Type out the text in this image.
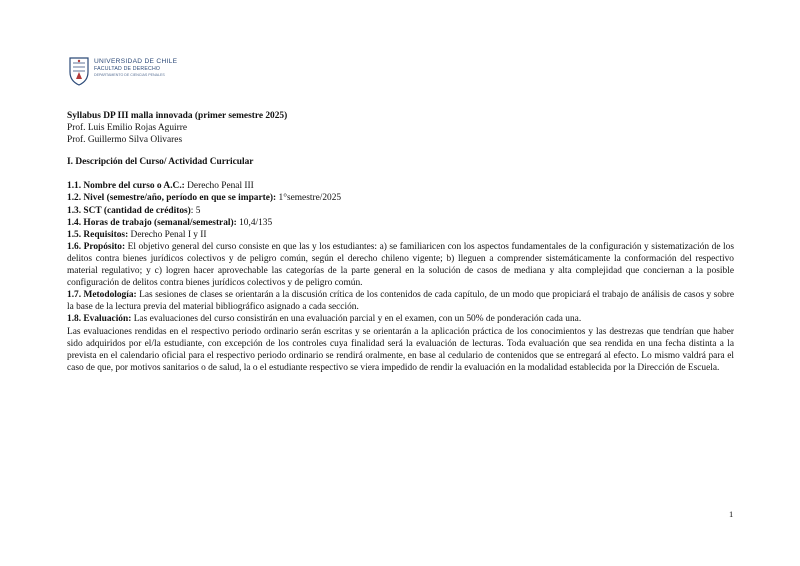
UNIVERSIDAD DE CHILE
FACULTAD DE DERECHO
DEPARTAMENTO DE CIENCIAS PENALES

Syllabus DP III malla innovada (primer semestre 2025)

Prof. Luis Emilio Rojas Aguirre

Prof. Guillermo Silva Olivares

I. Descripción del Curso/ Actividad Curricular

1.1. Nombre del curso o A.C.: Derecho Penal III

1.2. Nivel (semestre/año, período en que se imparte): 1°semestre/2025

1.3. SCT (cantidad de créditos): 5

1.4. Horas de trabajo (semanal/semestral): 10,4/135

1.5. Requisitos: Derecho Penal I y II

1.6. Propósito: El objetivo general del curso consiste en que las y los estudiantes: a) se familiaricen con los aspectos fundamentales de la configuración y sistematización de los delitos contra bienes jurídicos colectivos y de peligro común, según el derecho chileno vigente; b) lleguen a comprender sistemáticamente la conformación del respectivo material regulativo; y c) logren hacer aprovechable las categorías de la parte general en la solución de casos de mediana y alta complejidad que conciernan a la posible configuración de delitos contra bienes jurídicos colectivos y de peligro común.

1.7. Metodología: Las sesiones de clases se orientarán a la discusión crítica de los contenidos de cada capítulo, de un modo que propiciará el trabajo de análisis de casos y sobre la base de la lectura previa del material bibliográfico asignado a cada sección.

1.8. Evaluación: Las evaluaciones del curso consistirán en una evaluación parcial y en el examen, con un 50% de ponderación cada una.

Las evaluaciones rendidas en el respectivo periodo ordinario serán escritas y se orientarán a la aplicación práctica de los conocimientos y las destrezas que tendrían que haber sido adquiridos por el/la estudiante, con excepción de los controles cuya finalidad será la evaluación de lecturas. Toda evaluación que sea rendida en una fecha distinta a la prevista en el calendario oficial para el respectivo periodo ordinario se rendirá oralmente, en base al cedulario de contenidos que se entregará al efecto. Lo mismo valdrá para el caso de que, por motivos sanitarios o de salud, la o el estudiante respectivo se viera impedido de rendir la evaluación en la modalidad establecida por la Dirección de Escuela.

1
